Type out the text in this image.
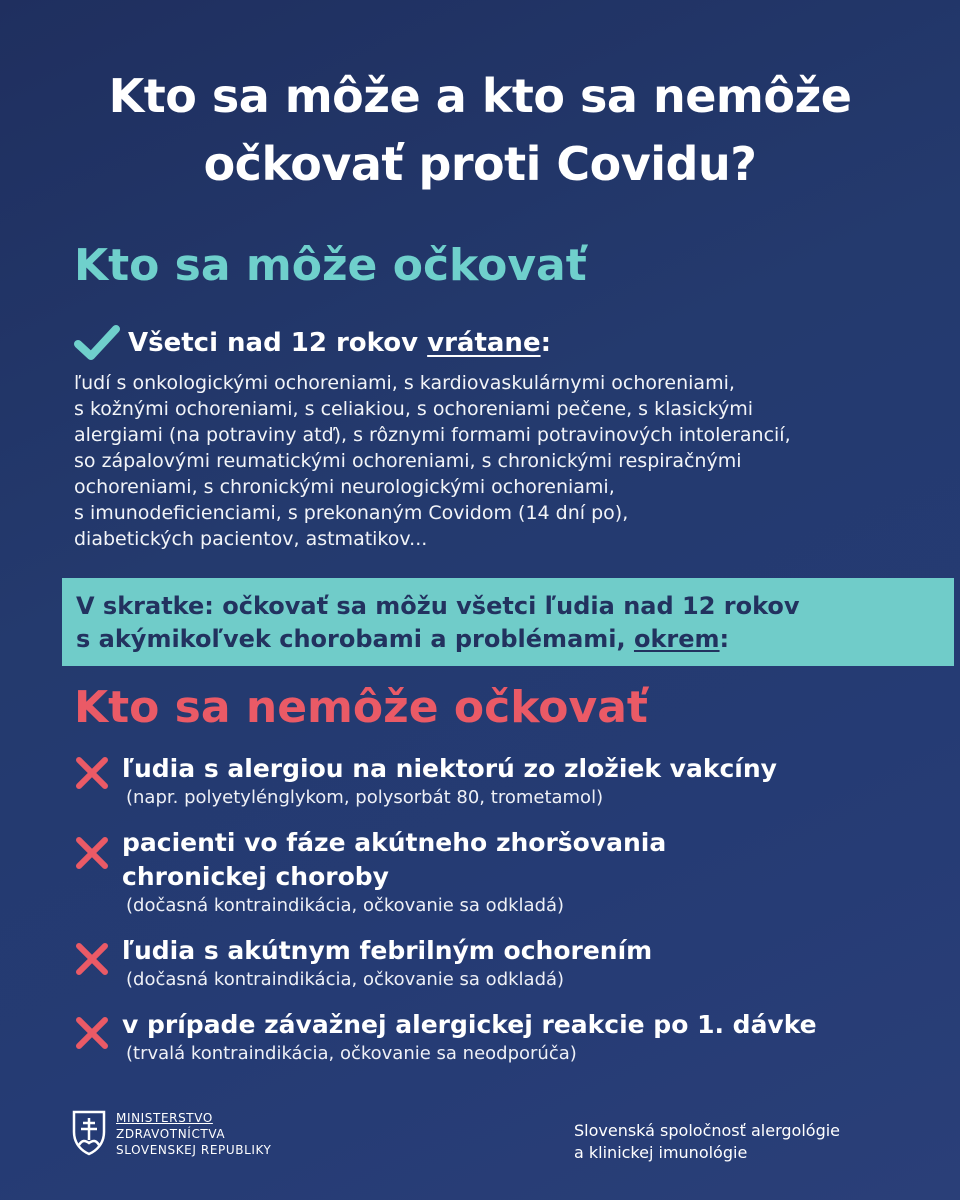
Kto sa môže a kto sa nemôže
očkovať proti Covidu?
Kto sa môže očkovať
Všetci nad 12 rokov vrátane:
ľudí s onkologickými ochoreniami, s kardiovaskulárnymi ochoreniami,
s kožnými ochoreniami, s celiakiou, s ochoreniami pečene, s klasickými
alergiami (na potraviny atď), s rôznymi formami potravinových intolerancií,
so zápalovými reumatickými ochoreniami, s chronickými respiračnými
ochoreniami, s chronickými neurologickými ochoreniami,
s imunodeficienciami, s prekonaným Covidom (14 dní po),
diabetických pacientov, astmatikov...
V skratke: očkovať sa môžu všetci ľudia nad 12 rokov
s akýmikoľvek chorobami a problémami, okrem:
Kto sa nemôže očkovať
ľudia s alergiou na niektorú zo zložiek vakcíny
(napr. polyetylénglykom, polysorbát 80, trometamol)
pacienti vo fáze akútneho zhoršovania
chronickej choroby
(dočasná kontraindikácia, očkovanie sa odkladá)
ľudia s akútnym febrilným ochorením
(dočasná kontraindikácia, očkovanie sa odkladá)
v prípade závažnej alergickej reakcie po 1. dávke
(trvalá kontraindikácia, očkovanie sa neodporúča)
MINISTERSTVO
ZDRAVOTNÍCTVA
SLOVENSKEJ REPUBLIKY
Slovenská spoločnosť alergológie
a klinickej imunológie
